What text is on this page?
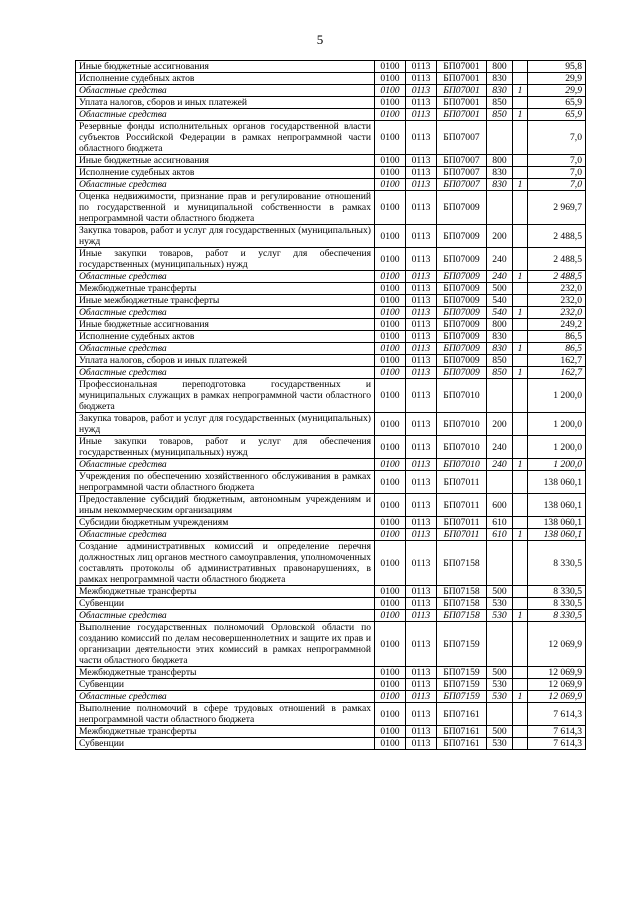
5
Иные бюджетные ассигнования	0100	0113	БП07001	800		95,8
Исполнение судебных актов	0100	0113	БП07001	830		29,9
Областные средства	0100	0113	БП07001	830	1	29,9
Уплата налогов, сборов и иных платежей	0100	0113	БП07001	850		65,9
Областные средства	0100	0113	БП07001	850	1	65,9
Резервные фонды исполнительных органов государственной власти субъектов Российской Федерации в рамках непрограммной части областного бюджета	0100	0113	БП07007			7,0
Иные бюджетные ассигнования	0100	0113	БП07007	800		7,0
Исполнение судебных актов	0100	0113	БП07007	830		7,0
Областные средства	0100	0113	БП07007	830	1	7,0
Оценка недвижимости, признание прав и регулирование отношений по государственной и муниципальной собственности в рамках непрограммной части областного бюджета	0100	0113	БП07009			2 969,7
Закупка товаров, работ и услуг для государственных (муниципальных) нужд	0100	0113	БП07009	200		2 488,5
Иные закупки товаров, работ и услуг для обеспечения государственных (муниципальных) нужд	0100	0113	БП07009	240		2 488,5
Областные средства	0100	0113	БП07009	240	1	2 488,5
Межбюджетные трансферты	0100	0113	БП07009	500		232,0
Иные межбюджетные трансферты	0100	0113	БП07009	540		232,0
Областные средства	0100	0113	БП07009	540	1	232,0
Иные бюджетные ассигнования	0100	0113	БП07009	800		249,2
Исполнение судебных актов	0100	0113	БП07009	830		86,5
Областные средства	0100	0113	БП07009	830	1	86,5
Уплата налогов, сборов и иных платежей	0100	0113	БП07009	850		162,7
Областные средства	0100	0113	БП07009	850	1	162,7
Профессиональная переподготовка государственных и муниципальных служащих в рамках непрограммной части областного бюджета	0100	0113	БП07010			1 200,0
Закупка товаров, работ и услуг для государственных (муниципальных) нужд	0100	0113	БП07010	200		1 200,0
Иные закупки товаров, работ и услуг для обеспечения государственных (муниципальных) нужд	0100	0113	БП07010	240		1 200,0
Областные средства	0100	0113	БП07010	240	1	1 200,0
Учреждения по обеспечению хозяйственного обслуживания в рамках непрограммной части областного бюджета	0100	0113	БП07011			138 060,1
Предоставление субсидий бюджетным, автономным учреждениям и иным некоммерческим организациям	0100	0113	БП07011	600		138 060,1
Субсидии бюджетным учреждениям	0100	0113	БП07011	610		138 060,1
Областные средства	0100	0113	БП07011	610	1	138 060,1
Создание административных комиссий и определение перечня должностных лиц органов местного самоуправления, уполномоченных составлять протоколы об административных правонарушениях, в рамках непрограммной части областного бюджета	0100	0113	БП07158			8 330,5
Межбюджетные трансферты	0100	0113	БП07158	500		8 330,5
Субвенции	0100	0113	БП07158	530		8 330,5
Областные средства	0100	0113	БП07158	530	1	8 330,5
Выполнение государственных полномочий Орловской области по созданию комиссий по делам несовершеннолетних и защите их прав и организации деятельности этих комиссий в рамках непрограммной части областного бюджета	0100	0113	БП07159			12 069,9
Межбюджетные трансферты	0100	0113	БП07159	500		12 069,9
Субвенции	0100	0113	БП07159	530		12 069,9
Областные средства	0100	0113	БП07159	530	1	12 069,9
Выполнение полномочий в сфере трудовых отношений в рамках непрограммной части областного бюджета	0100	0113	БП07161			7 614,3
Межбюджетные трансферты	0100	0113	БП07161	500		7 614,3
Субвенции	0100	0113	БП07161	530		7 614,3
